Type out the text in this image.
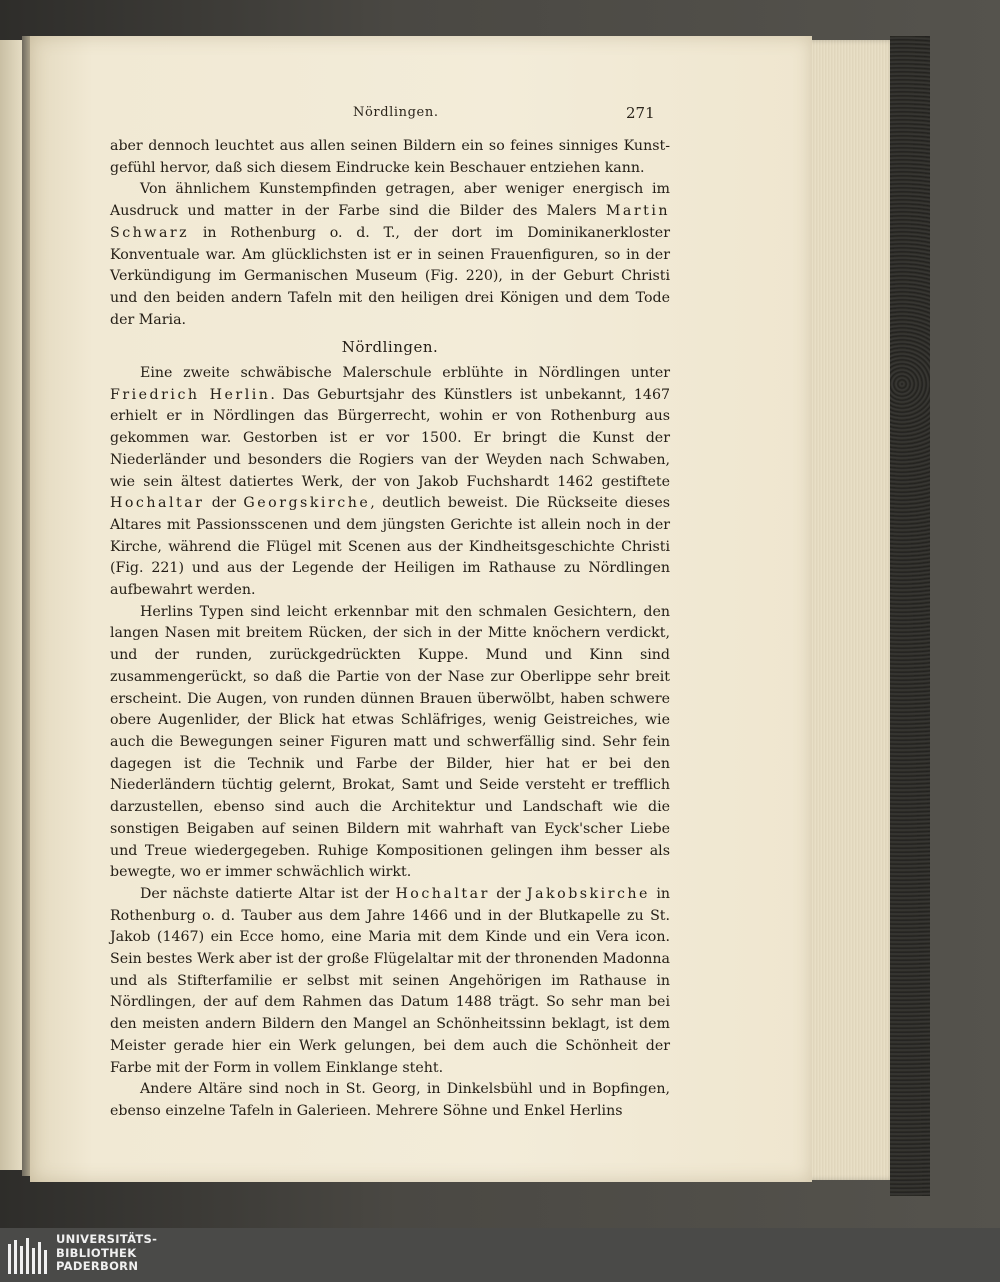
Nördlingen.	271

aber dennoch leuchtet aus allen seinen Bildern ein so feines sinniges Kunstgefühl hervor, daß sich diesem Eindrucke kein Beschauer entziehen kann.

Von ähnlichem Kunstempfinden getragen, aber weniger energisch im Ausdruck und matter in der Farbe sind die Bilder des Malers Martin Schwarz in Rothenburg o. d. T., der dort im Dominikanerkloster Konventuale war. Am glücklichsten ist er in seinen Frauenfiguren, so in der Verkündigung im Germanischen Museum (Fig. 220), in der Geburt Christi und den beiden andern Tafeln mit den heiligen drei Königen und dem Tode der Maria.

Nördlingen.

Eine zweite schwäbische Malerschule erblühte in Nördlingen unter Friedrich Herlin. Das Geburtsjahr des Künstlers ist unbekannt, 1467 erhielt er in Nördlingen das Bürgerrecht, wohin er von Rothenburg aus gekommen war. Gestorben ist er vor 1500. Er bringt die Kunst der Niederländer und besonders die Rogiers van der Weyden nach Schwaben, wie sein ältest datiertes Werk, der von Jakob Fuchshardt 1462 gestiftete Hochaltar der Georgskirche, deutlich beweist. Die Rückseite dieses Altares mit Passionsscenen und dem jüngsten Gerichte ist allein noch in der Kirche, während die Flügel mit Scenen aus der Kindheitsgeschichte Christi (Fig. 221) und aus der Legende der Heiligen im Rathause zu Nördlingen aufbewahrt werden.

Herlins Typen sind leicht erkennbar mit den schmalen Gesichtern, den langen Nasen mit breitem Rücken, der sich in der Mitte knöchern verdickt, und der runden, zurückgedrückten Kuppe. Mund und Kinn sind zusammengerückt, so daß die Partie von der Nase zur Oberlippe sehr breit erscheint. Die Augen, von runden dünnen Brauen überwölbt, haben schwere obere Augenlider, der Blick hat etwas Schläfriges, wenig Geistreiches, wie auch die Bewegungen seiner Figuren matt und schwerfällig sind. Sehr fein dagegen ist die Technik und Farbe der Bilder, hier hat er bei den Niederländern tüchtig gelernt, Brokat, Samt und Seide versteht er trefflich darzustellen, ebenso sind auch die Architektur und Landschaft wie die sonstigen Beigaben auf seinen Bildern mit wahrhaft van Eyck'scher Liebe und Treue wiedergegeben. Ruhige Kompositionen gelingen ihm besser als bewegte, wo er immer schwächlich wirkt.

Der nächste datierte Altar ist der Hochaltar der Jakobskirche in Rothenburg o. d. Tauber aus dem Jahre 1466 und in der Blutkapelle zu St. Jakob (1467) ein Ecce homo, eine Maria mit dem Kinde und ein Vera icon. Sein bestes Werk aber ist der große Flügelaltar mit der thronenden Madonna und als Stifterfamilie er selbst mit seinen Angehörigen im Rathause in Nördlingen, der auf dem Rahmen das Datum 1488 trägt. So sehr man bei den meisten andern Bildern den Mangel an Schönheitssinn beklagt, ist dem Meister gerade hier ein Werk gelungen, bei dem auch die Schönheit der Farbe mit der Form in vollem Einklange steht.

Andere Altäre sind noch in St. Georg, in Dinkelsbühl und in Bopfingen, ebenso einzelne Tafeln in Galerieen. Mehrere Söhne und Enkel Herlins

UNIVERSITÄTS-
BIBLIOTHEK
PADERBORN
